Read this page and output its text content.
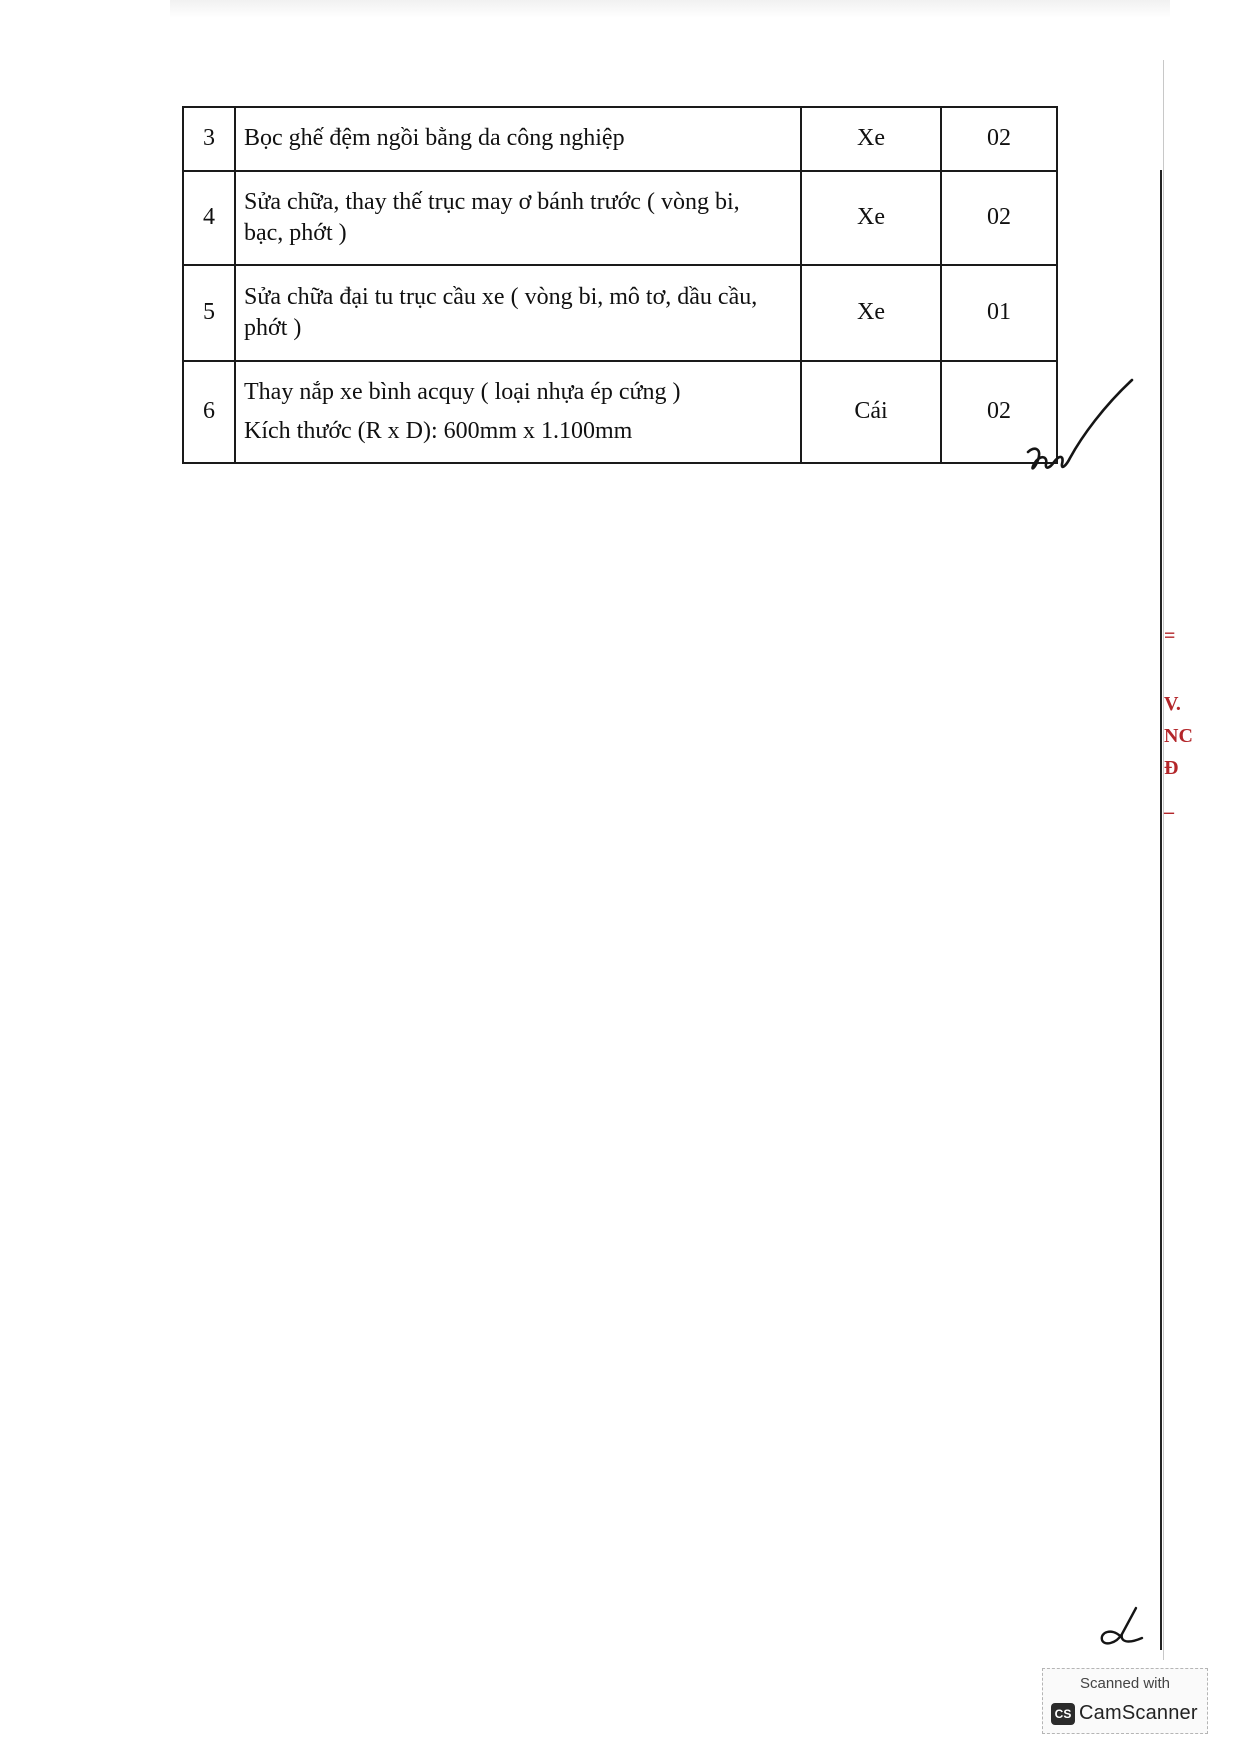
3	Bọc ghế đệm ngồi bằng da công nghiệp	Xe	02
4	Sửa chữa, thay thế trục may ơ bánh trước ( vòng bi,
bạc, phớt )	Xe	02
5	Sửa chữa đại tu trục cầu xe ( vòng bi, mô tơ, dầu cầu,
phớt )	Xe	01
6	Thay nắp xe bình acquy ( loại nhựa ép cứng )
Kích thước (R x D): 600mm x 1.100mm	Cái	02
=
V.
NC
Đ
–
Scanned with
CS CamScanner
